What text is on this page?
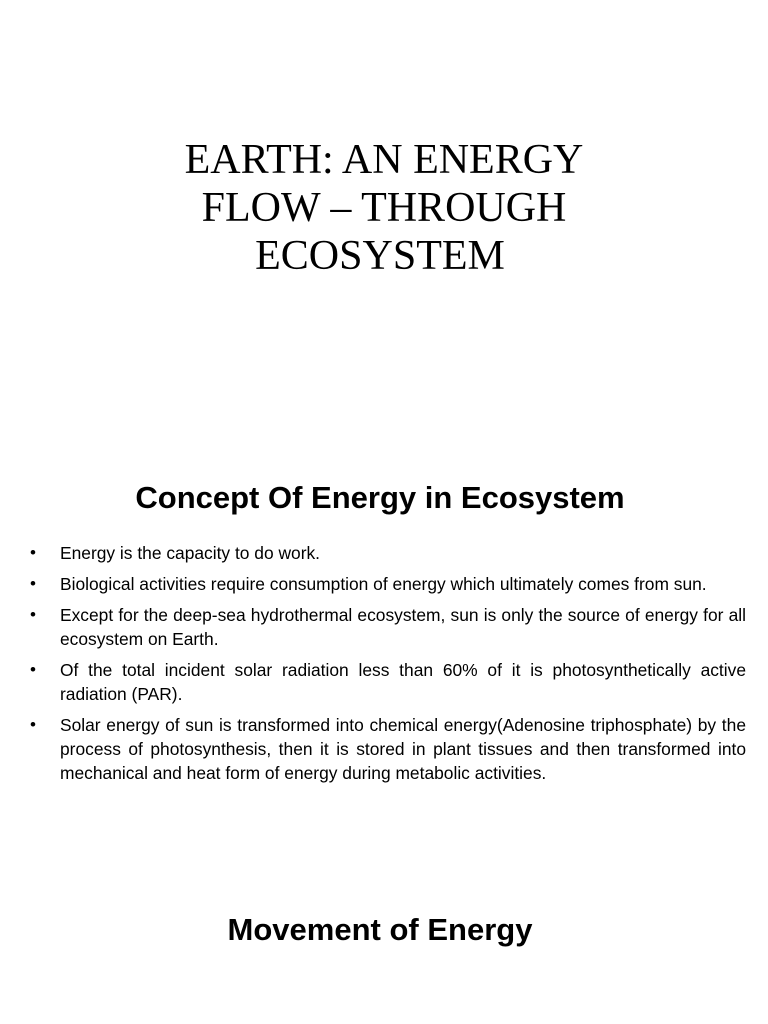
EARTH: AN ENERGY
FLOW – THROUGH
ECOSYSTEM
Concept Of Energy in Ecosystem
•	Energy is the capacity to do work.
•	Biological activities require consumption of energy which ultimately comes from sun.
•	Except for the deep-sea hydrothermal ecosystem, sun is only the source of energy for all ecosystem on Earth.
•	Of the total incident solar radiation less than 60% of it is photosynthetically active radiation (PAR).
•	Solar energy of sun is transformed into chemical energy(Adenosine triphosphate) by the process of photosynthesis, then it is stored in plant tissues and then transformed into mechanical and heat form of energy during metabolic activities.
Movement of Energy
